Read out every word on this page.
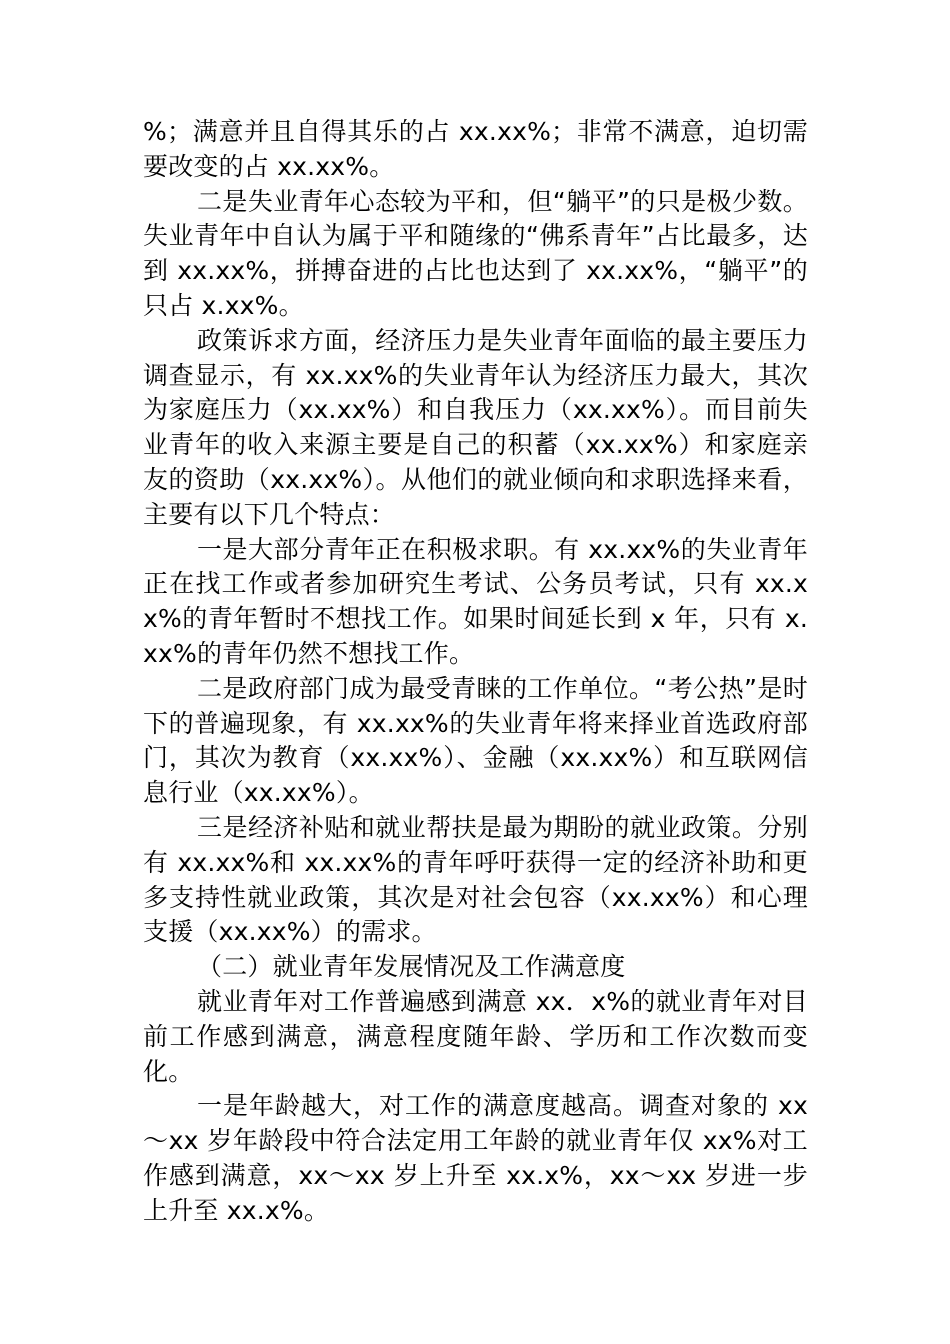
%；满意并且自得其乐的占 xx.xx%；非常不满意，迫切需要改变的占 xx.xx%。

二是失业青年心态较为平和，但“躺平”的只是极少数。失业青年中自认为属于平和随缘的“佛系青年”占比最多，达到 xx.xx%，拼搏奋进的占比也达到了 xx.xx%，“躺平”的只占 x.xx%。

政策诉求方面，经济压力是失业青年面临的最主要压力调查显示，有 xx.xx%的失业青年认为经济压力最大，其次为家庭压力（xx.xx%）和自我压力（xx.xx%）。而目前失业青年的收入来源主要是自己的积蓄（xx.xx%）和家庭亲友的资助（xx.xx%）。从他们的就业倾向和求职选择来看，主要有以下几个特点：

一是大部分青年正在积极求职。有 xx.xx%的失业青年正在找工作或者参加研究生考试、公务员考试，只有 xx.xx%的青年暂时不想找工作。如果时间延长到 x 年，只有 x.xx%的青年仍然不想找工作。

二是政府部门成为最受青睐的工作单位。“考公热”是时下的普遍现象，有 xx.xx%的失业青年将来择业首选政府部门，其次为教育（xx.xx%）、金融（xx.xx%）和互联网信息行业（xx.xx%）。

三是经济补贴和就业帮扶是最为期盼的就业政策。分别有 xx.xx%和 xx.xx%的青年呼吁获得一定的经济补助和更多支持性就业政策，其次是对社会包容（xx.xx%）和心理支援（xx.xx%）的需求。

（二）就业青年发展情况及工作满意度

就业青年对工作普遍感到满意 xx．x%的就业青年对目前工作感到满意，满意程度随年龄、学历和工作次数而变化。

一是年龄越大，对工作的满意度越高。调查对象的 xx～xx 岁年龄段中符合法定用工年龄的就业青年仅 xx%对工作感到满意，xx～xx 岁上升至 xx.x%，xx～xx 岁进一步上升至 xx.x%。
